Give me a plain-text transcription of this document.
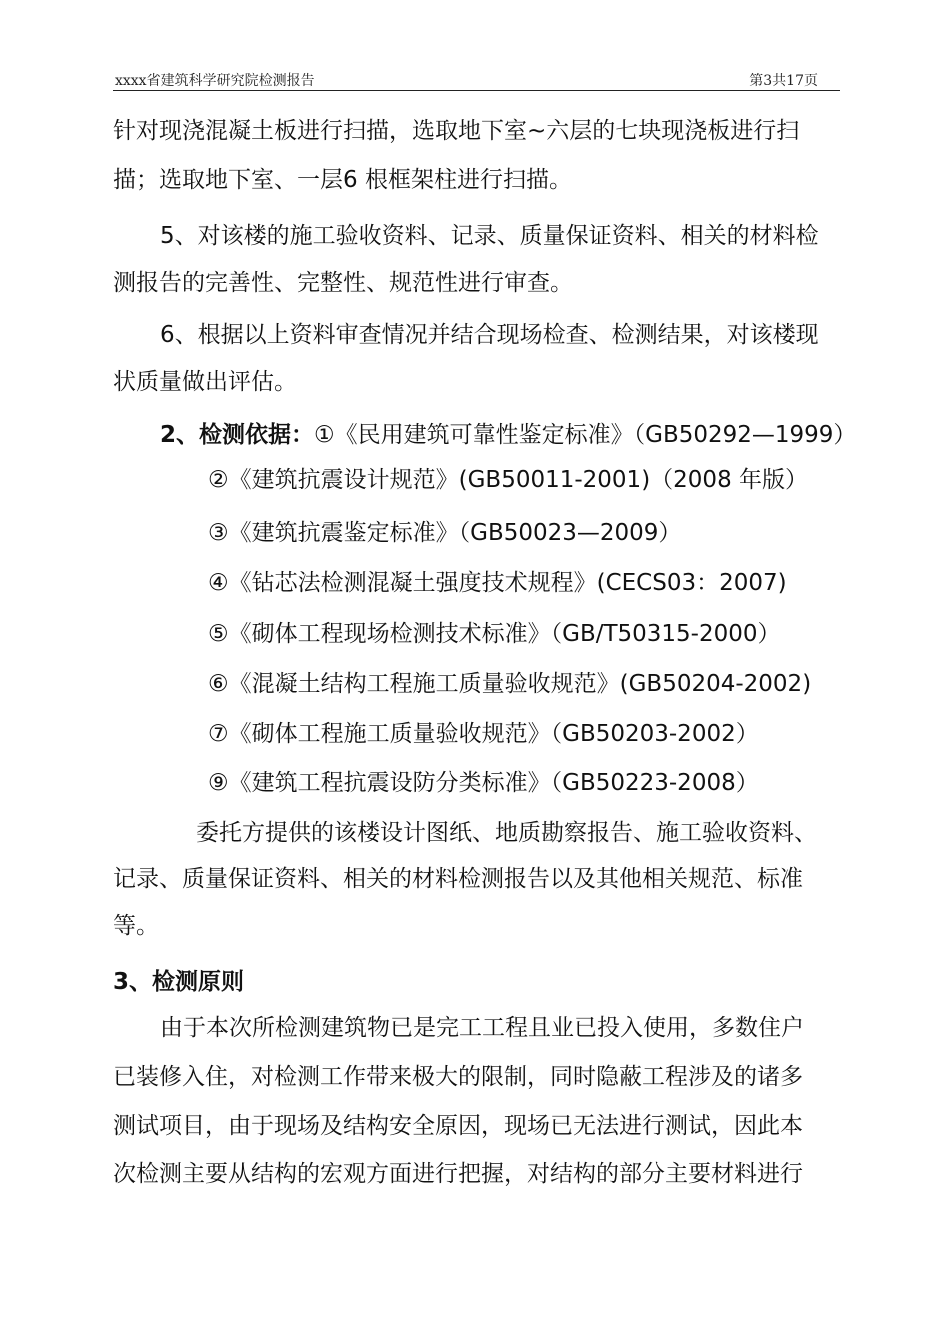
xxxx省建筑科学研究院检测报告	第3共17页
针对现浇混凝土板进行扫描，选取地下室~六层的七块现浇板进行扫
描；选取地下室、一层6 根框架柱进行扫描。
5、对该楼的施工验收资料、记录、质量保证资料、相关的材料检
测报告的完善性、完整性、规范性进行审查。
6、根据以上资料审查情况并结合现场检查、检测结果，对该楼现
状质量做出评估。
2、检测依据：①《民用建筑可靠性鉴定标准》（GB50292—1999）
②《建筑抗震设计规范》(GB50011-2001)（2008 年版）
③《建筑抗震鉴定标准》（GB50023—2009）
④《钻芯法检测混凝土强度技术规程》(CECS03：2007)
⑤《砌体工程现场检测技术标准》（GB/T50315-2000）
⑥《混凝土结构工程施工质量验收规范》(GB50204-2002)
⑦《砌体工程施工质量验收规范》（GB50203-2002）
⑨《建筑工程抗震设防分类标准》（GB50223-2008）
委托方提供的该楼设计图纸、地质勘察报告、施工验收资料、
记录、质量保证资料、相关的材料检测报告以及其他相关规范、标准
等。
3、检测原则
由于本次所检测建筑物已是完工工程且业已投入使用，多数住户
已装修入住，对检测工作带来极大的限制，同时隐蔽工程涉及的诸多
测试项目，由于现场及结构安全原因，现场已无法进行测试，因此本
次检测主要从结构的宏观方面进行把握，对结构的部分主要材料进行
